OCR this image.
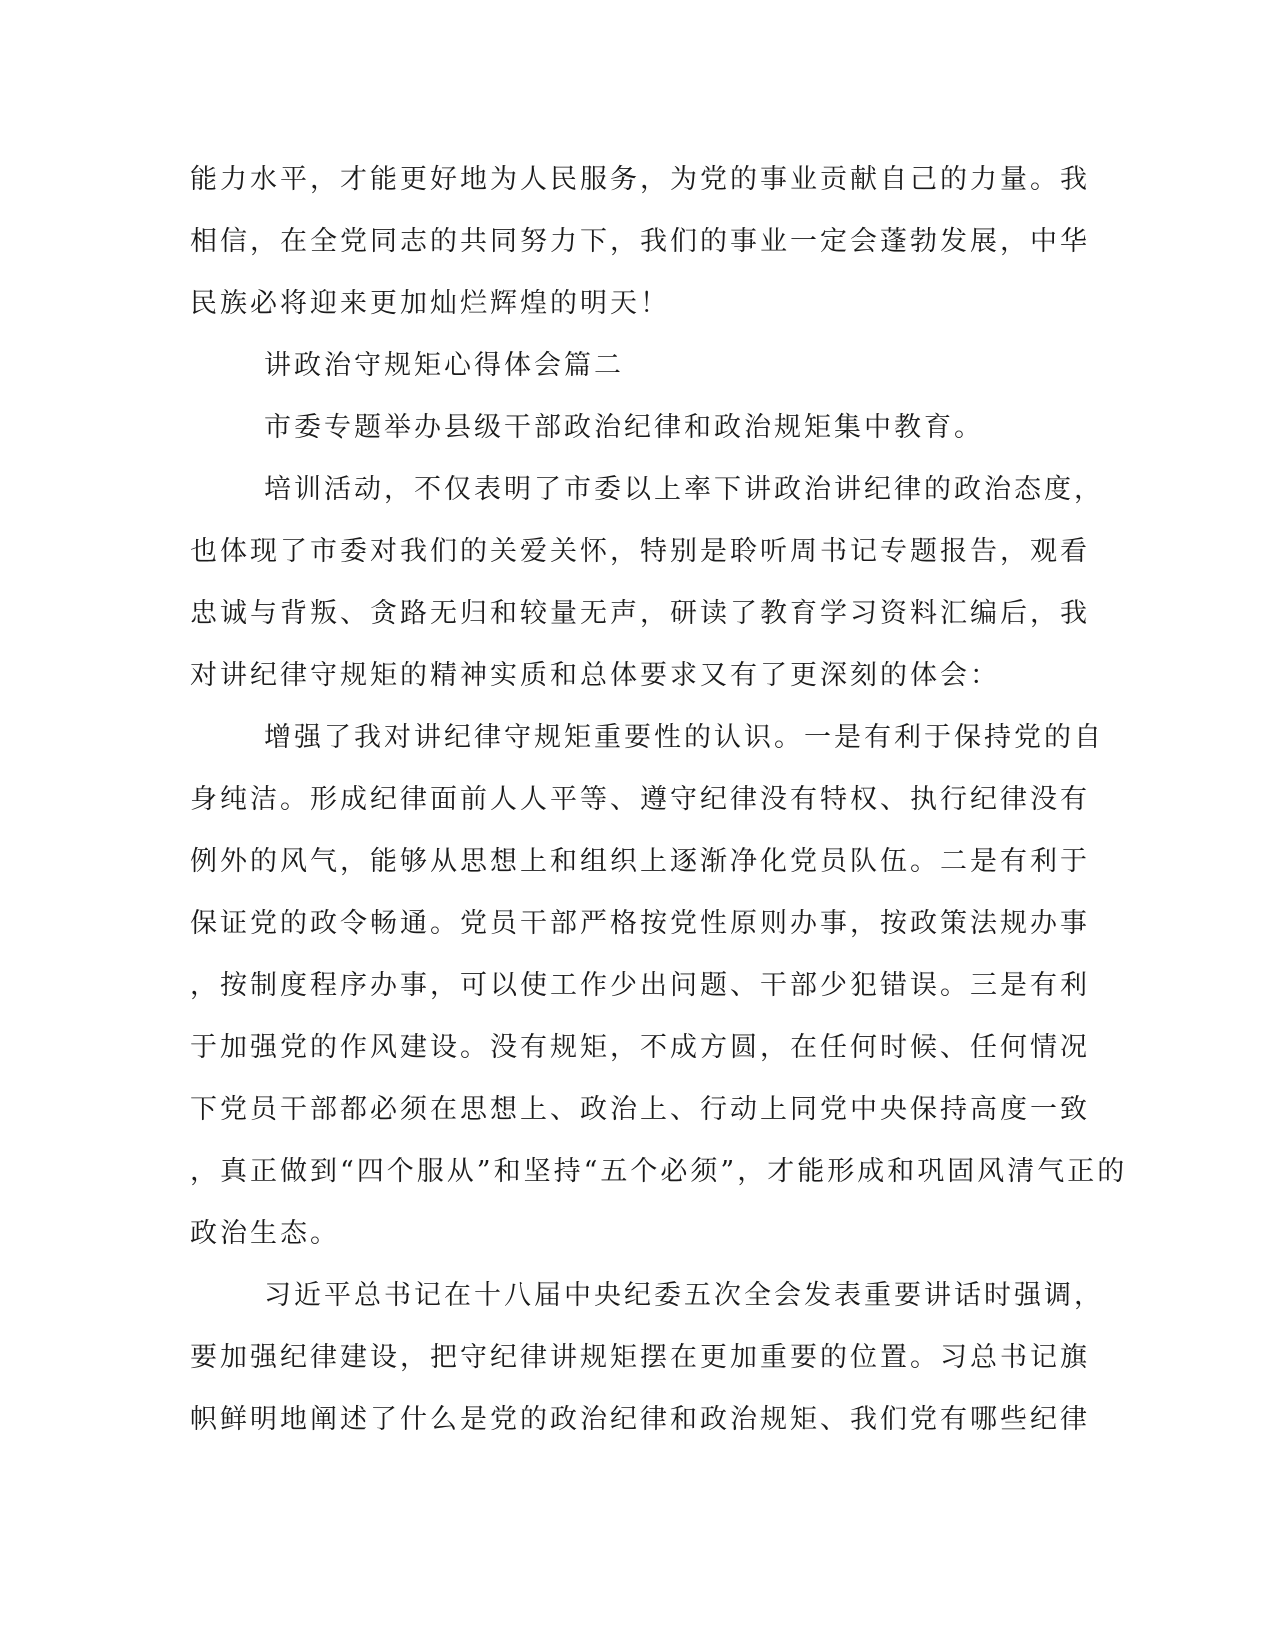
能力水平，才能更好地为人民服务，为党的事业贡献自己的力量。我

相信，在全党同志的共同努力下，我们的事业一定会蓬勃发展，中华

民族必将迎来更加灿烂辉煌的明天！

讲政治守规矩心得体会篇二

市委专题举办县级干部政治纪律和政治规矩集中教育。

培训活动，不仅表明了市委以上率下讲政治讲纪律的政治态度，

也体现了市委对我们的关爱关怀，特别是聆听周书记专题报告，观看

忠诚与背叛、贪路无归和较量无声，研读了教育学习资料汇编后，我

对讲纪律守规矩的精神实质和总体要求又有了更深刻的体会：

增强了我对讲纪律守规矩重要性的认识。一是有利于保持党的自

身纯洁。形成纪律面前人人平等、遵守纪律没有特权、执行纪律没有

例外的风气，能够从思想上和组织上逐渐净化党员队伍。二是有利于

保证党的政令畅通。党员干部严格按党性原则办事，按政策法规办事

，按制度程序办事，可以使工作少出问题、干部少犯错误。三是有利

于加强党的作风建设。没有规矩，不成方圆，在任何时候、任何情况

下党员干部都必须在思想上、政治上、行动上同党中央保持高度一致

，真正做到“四个服从”和坚持“五个必须”，才能形成和巩固风清气正的

政治生态。

习近平总书记在十八届中央纪委五次全会发表重要讲话时强调，

要加强纪律建设，把守纪律讲规矩摆在更加重要的位置。习总书记旗

帜鲜明地阐述了什么是党的政治纪律和政治规矩、我们党有哪些纪律
